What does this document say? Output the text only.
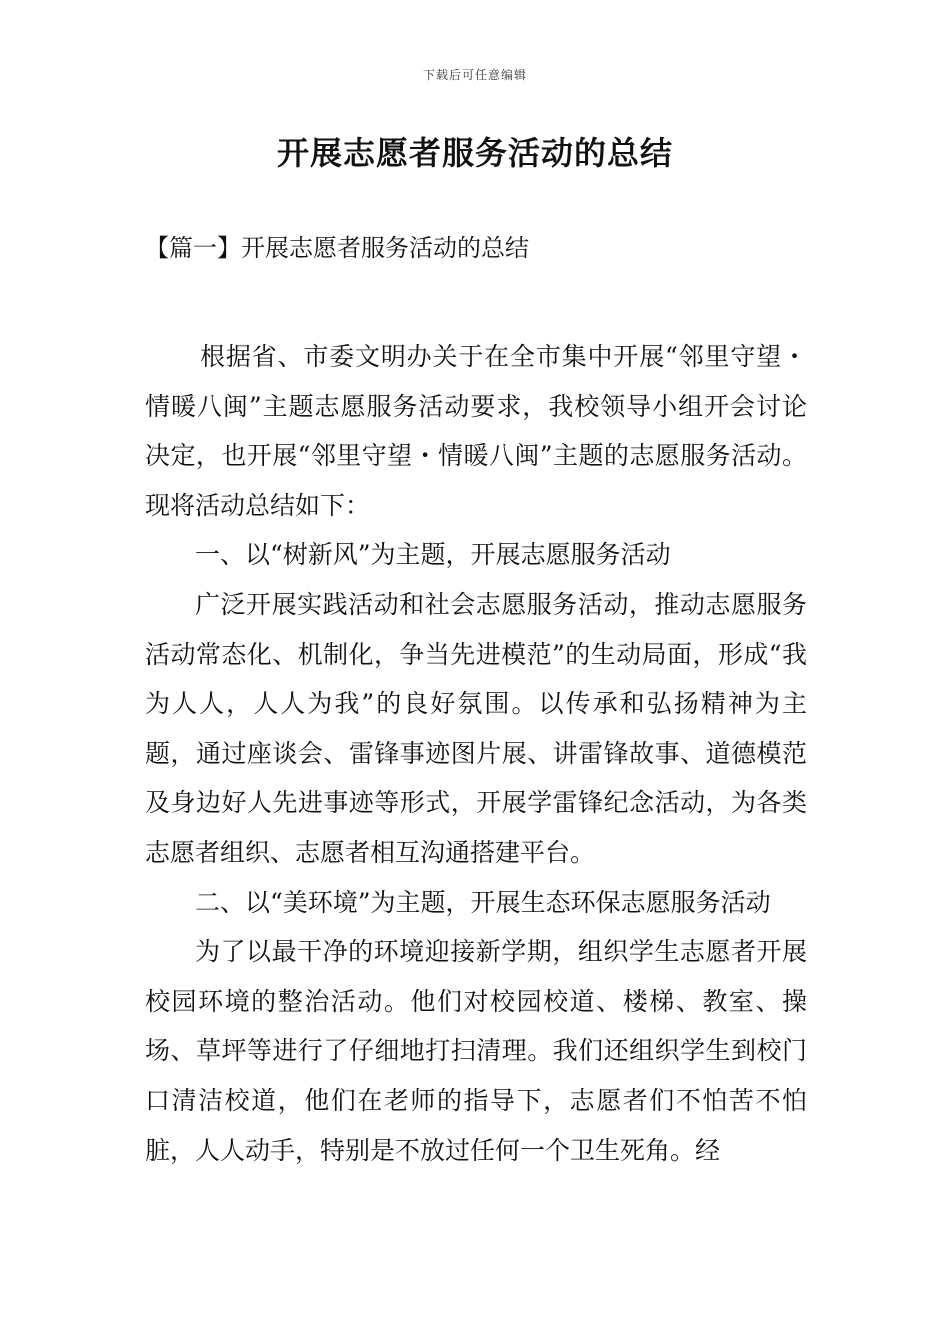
下载后可任意编辑
开展志愿者服务活动的总结
【篇一】开展志愿者服务活动的总结

根据省、市委文明办关于在全市集中开展“邻里守望・情暖八闽”主题志愿服务活动要求，我校领导小组开会讨论决定，也开展“邻里守望・情暖八闽”主题的志愿服务活动。现将活动总结如下：

一、以“树新风”为主题，开展志愿服务活动

广泛开展实践活动和社会志愿服务活动，推动志愿服务活动常态化、机制化，争当先进模范”的生动局面，形成“我为人人，人人为我”的良好氛围。以传承和弘扬精神为主题，通过座谈会、雷锋事迹图片展、讲雷锋故事、道德模范及身边好人先进事迹等形式，开展学雷锋纪念活动，为各类志愿者组织、志愿者相互沟通搭建平台。

二、以“美环境”为主题，开展生态环保志愿服务活动

为了以最干净的环境迎接新学期，组织学生志愿者开展校园环境的整治活动。他们对校园校道、楼梯、教室、操场、草坪等进行了仔细地打扫清理。我们还组织学生到校门口清洁校道，他们在老师的指导下，志愿者们不怕苦不怕脏，人人动手，特别是不放过任何一个卫生死角。经
